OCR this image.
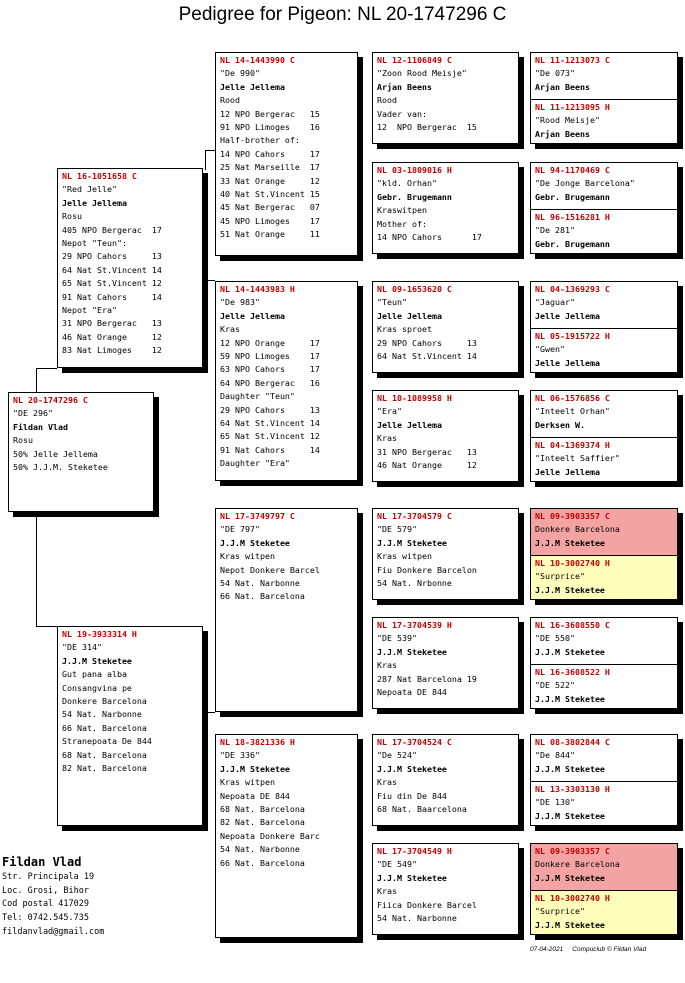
Pedigree for Pigeon: NL 20-1747296 C
NL 20-1747296 C
"DE 296"
Fildan Vlad
Rosu
50% Jelle Jellema
50% J.J.M. Steketee
NL 16-1051658 C
"Red Jelle"
Jelle Jellema
Rosu
405 NPO Bergerac  17
Nepot "Teun":
29 NPO Cahors     13
64 Nat St.Vincent 14
65 Nat St.Vincent 12
91 Nat Cahors     14
Nepot "Era"
31 NPO Bergerac   13
46 Nat Orange     12
83 Nat Limoges    12
NL 19-3933314 H
"DE 314"
J.J.M Steketee
Gut pana alba
Consangvina pe
Donkere Barcelona
54 Nat. Narbonne
66 Nat. Barcelona
Stranepoata De 844
68 Nat. Barcelona
82 Nat. Barcelona
NL 14-1443990 C
"De 990"
Jelle Jellema
Rood
12 NPO Bergerac   15
91 NPO Limoges    16
Half-brother of:
14 NPO Cahors     17
25 Nat Marseille  17
33 Nat Orange     12
40 Nat St.Vincent 15
45 Nat Bergerac   07
45 NPO Limoges    17
51 Nat Orange     11
NL 14-1443983 H
"De 983"
Jelle Jellema
Kras
12 NPO Orange     17
59 NPO Limoges    17
63 NPO Cahors     17
64 NPO Bergerac   16
Daughter "Teun"
29 NPO Cahors     13
64 Nat St.Vincent 14
65 Nat St.Vincent 12
91 Nat Cahors     14
Daughter "Era"
NL 17-3749797 C
"DE 797"
J.J.M Steketee
Kras witpen
Nepot Donkere Barcel
54 Nat. Narbonne
66 Nat. Barcelona
NL 18-3821336 H
"DE 336"
J.J.M Steketee
Kras witpen
Nepoata DE 844
68 Nat. Barcelona
82 Nat. Barcelona
Nepoata Donkere Barc
54 Nat. Narbonne
66 Nat. Barcelona
NL 12-1106849 C
"Zoon Rood Meisje"
Arjan Beens
Rood
Vader van:
12  NPO Bergerac  15
NL 03-1809016 H
"kld. Orhan"
Gebr. Brugemann
Kraswitpen
Mother of:
14 NPO Cahors      17
NL 09-1653620 C
"Teun"
Jelle Jellema
Kras sproet
29 NPO Cahors     13
64 Nat St.Vincent 14
NL 10-1089958 H
"Era"
Jelle Jellema
Kras
31 NPO Bergerac   13
46 Nat Orange     12
NL 17-3704579 C
"DE 579"
J.J.M Steketee
Kras witpen
Fiu Donkere Barcelon
54 Nat. Nrbonne
NL 17-3704539 H
"DE 539"
J.J.M Steketee
Kras
287 Nat Barcelona 19
Nepoata DE 844
NL 17-3704524 C
"De 524"
J.J.M Steketee
Kras
Fiu din De 844
68 Nat. Baarcelona
NL 17-3704549 H
"DE 549"
J.J.M Steketee
Kras
Fiica Donkere Barcel
54 Nat. Narbonne
NL 11-1213073 C
"De 073"
Arjan Beens
NL 11-1213095 H
"Rood Meisje"
Arjan Beens
NL 94-1170469 C
"De Jonge Barcelona"
Gebr. Brugemann
NL 96-1516281 H
"De 281"
Gebr. Brugemann
NL 04-1369293 C
"Jaguar"
Jelle Jellema
NL 05-1915722 H
"Gwen"
Jelle Jellema
NL 06-1576856 C
"Inteelt Orhan"
Derksen W.
NL 04-1369374 H
"Inteelt Saffier"
Jelle Jellema
NL 09-3903357 C
Donkere Barcelona
J.J.M Steketee
NL 10-3002740 H
"Surprice"
J.J.M Steketee
NL 16-3608550 C
"DE 550"
J.J.M Steketee
NL 16-3608522 H
"DE 522"
J.J.M Steketee
NL 08-3802844 C
"De 844"
J.J.M Steketee
NL 13-3303130 H
"DE 130"
J.J.M Steketee
NL 09-3903357 C
Donkere Barcelona
J.J.M Steketee
NL 10-3002740 H
"Surprice"
J.J.M Steketee
Fildan Vlad
Str. Principala 19
Loc. Grosi, Bihor
Cod postal 417029
Tel: 0742.545.735
fildanvlad@gmail.com
07-04-2021 Compuclub © Fildan Vlad
